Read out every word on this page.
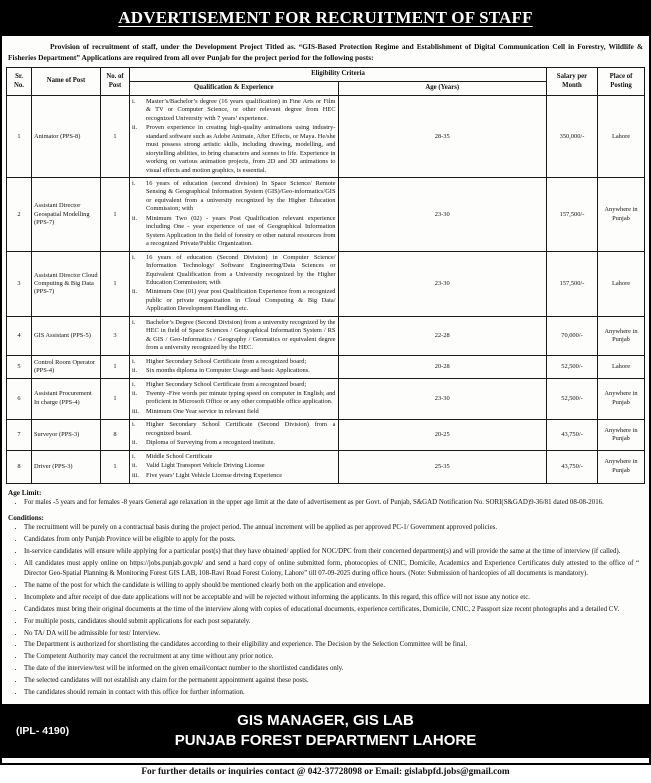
ADVERTISEMENT FOR RECRUITMENT OF STAFF
Provision of recruitment of staff, under the Development Project Titled as. “GIS-Based Protection Regime and Establishment of Digital Communication Cell in Forestry, Wildlife & Fisheries Department” Applications are required from all over Punjab for the project period for the following posts:
Sr.
No.
	Name of Post	
No. of
Post
	Eligibility Criteria	Salary per
Month

Place of
Posting

			Qualification & Experience	Age (Years)		
1	Animator (PPS-8)	1	
i.	Master’s/Bachelor’s degree (16 years qualification) in Fine Arts or Film & TV or Computer Science, or other relevant degree from HEC recognized University with 7 years’ experience.
ii.	Proven experience in creating high-quality animations using industry-standard software such as Adobe Animate, After Effects, or Maya. He/she must possess strong artistic skills, including drawing, modelling, and storytelling abilities, to bring characters and scenes to life. Experience in working on various animation projects, from 2D and 3D animations to visual effects and motion graphics, is essential.
	28-35	350,000/-	Lahore
2	Assistant Director Geospatial Modelling (PPS-7)	1	
i.	16 years of education (second division) In Space Science/ Remote Sensing & Geographical Information System (GIS)/Geo-informatics/GIS or equivalent from a university recognized by the Higher Education Commission; with
ii.	Minimum Two (02) - years Post Qualification relevant experience including One - year experience of use of Geographical Information System Application in the field of forestry or other natural resources from a recognized Private/Public Organization.
	23-30	157,500/-	Anywhere in Punjab
3	Assistant Director Cloud Computing & Big Data (PPS-7)	1	
i.	16 years of education (Second Division) in Computer Science/ Information Technology/ Software Engineering/Data Sciences or Equivalent Qualification from a University recognized by the Higher Education Commission; with
ii.	Minimum One (01) year post Qualification Experience from a recognized public or private organization in Cloud Computing & Big Data/ Application Development Handling etc.
	23-30	157,500/-	Lahore
4	GIS Assistant (PPS-5)	3	
i.	Bachelor’s Degree (Second Division) from a university recognized by the HEC in field of Space Sciences / Geographical Information System / RS & GIS / Geo-Informatics / Geography / Geomatics or equivalent degree from a university recognized by the HEC.
	22-28	70,000/-	Anywhere in Punjab
5	Control Room Operator (PPS-4)	1	
i.	Higher Secondary School Certificate from a recognized board;
ii.	Six months diploma in Computer Usage and basic Applications.
	20-28	52,500/-	Lahore
6	Assistant Procurement In charge (PPS-4)	1	
i.	Higher Secondary School Certificate from a recognized board;
ii.	Twenty -Five words per minute typing speed on computer in English; and proficient in Microsoft Office or any other compatible office application.
iii.	Minimum One Year service in relevant field
	23-30	52,500/-	Anywhere in Punjab
7	Surveyor (PPS-3)	8	
i.	Higher Secondary School Certificate (Second Division) from a recognized board.
ii.	Diploma of Surveying from a recognized institute.
	20-25	43,750/-	Anywhere in Punjab
8	Driver (PPS-3)	1	
i.	Middle School Certificate
ii.	Valid Light Transport Vehicle Driving License
iii.	Five years’ Light Vehicle License driving Experience
	25-35	43,750/-	Anywhere in Punjab
Age Limit:
• For males -5 years and for females -8 years General age relaxation in the upper age limit at the date of advertisement as per Govt. of Punjab, S&GAD Notification No. SORI(S&GAD)9-36/81 dated 08-08-2016.
Conditions:
• The recruitment will be purely on a contractual basis during the project period. The annual increment will be applied as per approved PC-1/ Government approved policies.
• Candidates from only Punjab Province will be eligible to apply for the posts.
• In-service candidates will ensure while applying for a particular post(s) that they have obtained/ applied for NOC/DPC from their concerned department(s) and will provide the same at the time of interview (if called).
• All candidates must apply online on https://jobs.punjab.gov.pk/ and send a hard copy of online submitted form, photocopies of CNIC, Domicile, Academics and Experience Certificates duly attested to the office of “ Director Geo-Spatial Planning & Monitoring Forest GIS LAB, 108-Ravi Road Forest Colony, Lahore” till 07-09-2025 during office hours. (Note: Submission of hardcopies of all documents is mandatory).
• The name of the post for which the candidate is willing to apply should be mentioned clearly both on the application and envelope.
• Incomplete and after receipt of due date applications will not be acceptable and will be rejected without informing the applicants. In this regard, this office will not issue any notice etc.
• Candidates must bring their original documents at the time of the interview along with copies of educational documents, experience certificates, Domicile, CNIC, 2 Passport size recent photographs and a detailed CV.
• For multiple posts, candidates should submit applications for each post separately.
• No TA/ DA will be admissible for test/ Interview.
• The Department is authorized for shortlisting the candidates according to their eligibility and experience. The Decision by the Selection Committee will be final.
• The Competent Authority may cancel the recruitment at any time without any prior notice.
• The date of the interview/test will be informed on the given email/contact number to the shortlisted candidates only.
• The selected candidates will not establish any claim for the permanent appointment against these posts.
• The candidates should remain in contact with this office for further information.
(IPL- 4190)
GIS MANAGER, GIS LAB
PUNJAB FOREST DEPARTMENT LAHORE
For further details or inquiries contact @ 042-37728098 or Email: gislabpfd.jobs@gmail.com
